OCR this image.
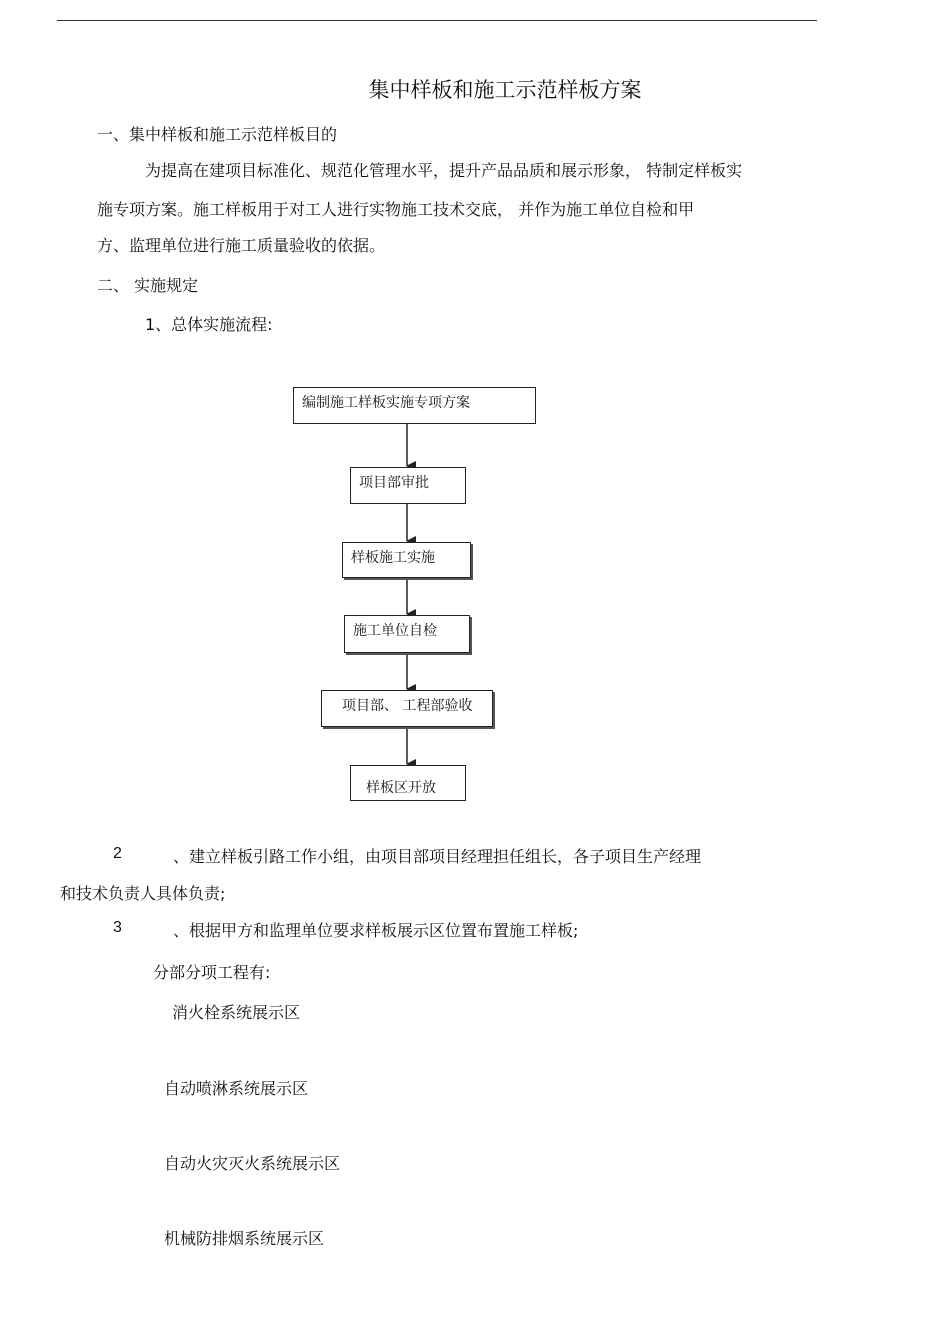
集中样板和施工示范样板方案
一、集中样板和施工示范样板目的
为提高在建项目标准化、规范化管理水平，提升产品品质和展示形象， 特制定样板实
施专项方案。施工样板用于对工人进行实物施工技术交底， 并作为施工单位自检和甲
方、监理单位进行施工质量验收的依据。
二、 实施规定
1、总体实施流程:
编制施工样板实施专项方案
项目部审批
样板施工实施
施工单位自检
项目部、 工程部验收
样板区开放
2	、建立样板引路工作小组，由项目部项目经理担任组长，各子项目生产经理
和技术负责人具体负责;
3	、根据甲方和监理单位要求样板展示区位置布置施工样板;
分部分项工程有:
消火栓系统展示区
自动喷淋系统展示区
自动火灾灭火系统展示区
机械防排烟系统展示区
